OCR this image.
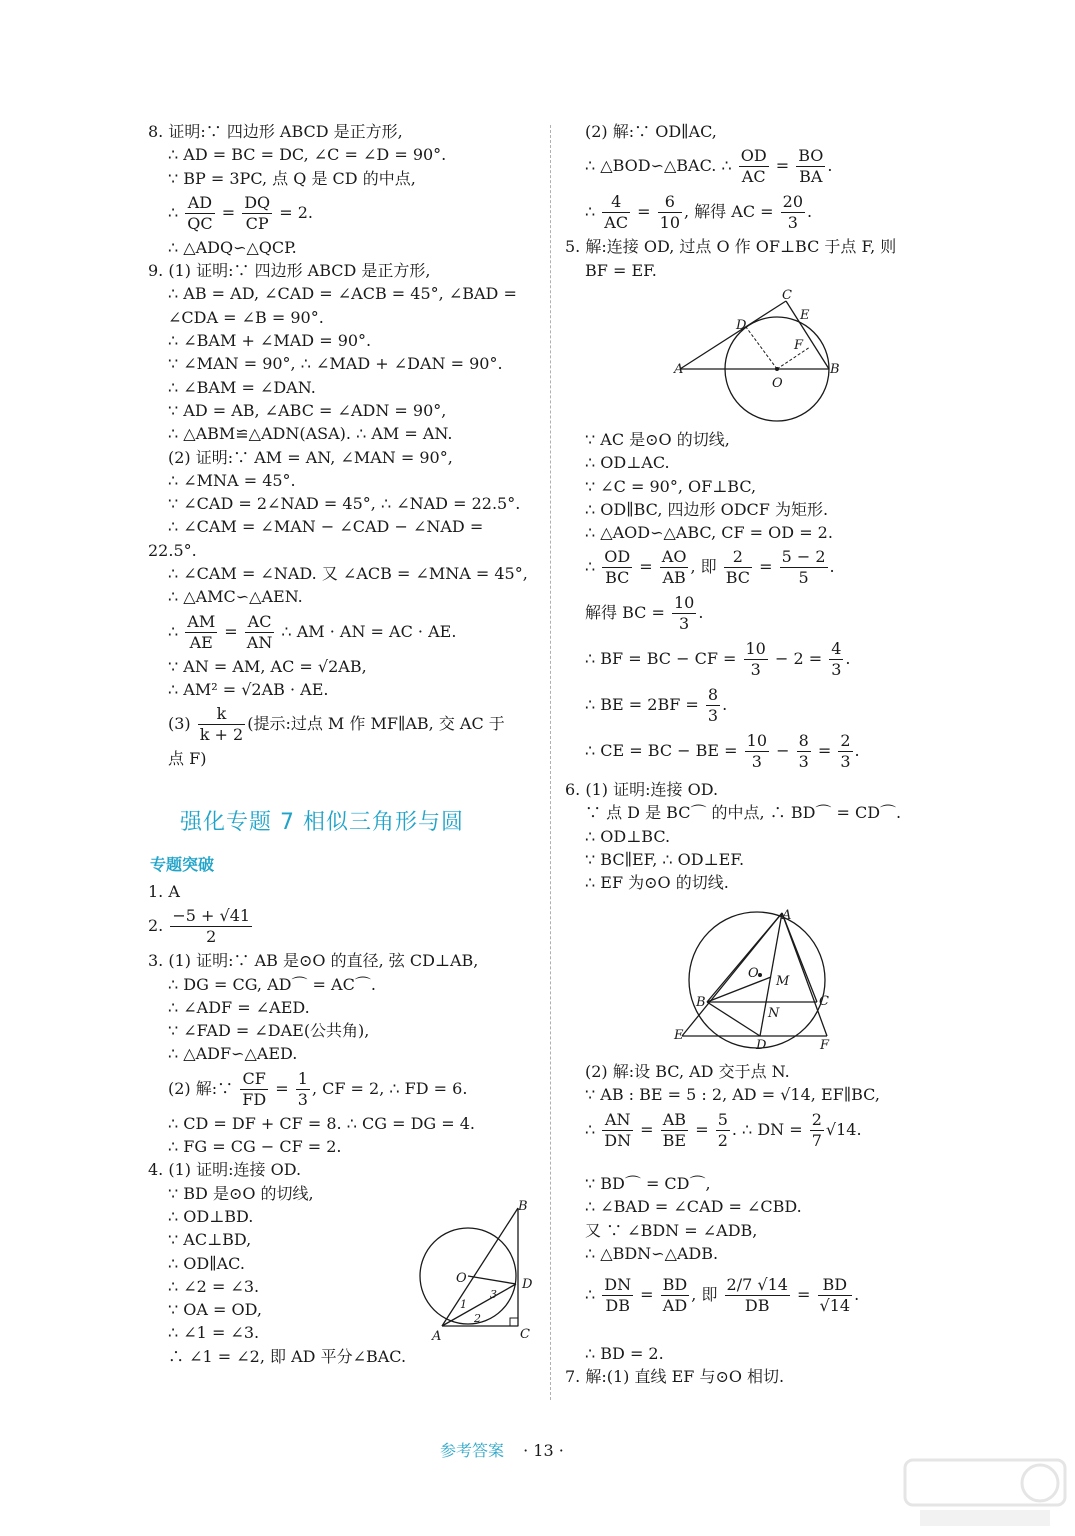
8. 证明:∵ 四边形 ABCD 是正方形,
∴ AD = BC = DC, ∠C = ∠D = 90°.
∵ BP = 3PC, 点 Q 是 CD 的中点,
∴ $\frac{AD}{QC} = \frac{DQ}{CP} = 2$.
∴ △ADQ∽△QCP.
9. (1) 证明:∵ 四边形 ABCD 是正方形,
∴ AB = AD, ∠CAD = ∠ACB = 45°, ∠BAD =
∠CDA = ∠B = 90°.
∴ ∠BAM + ∠MAD = 90°.
∵ ∠MAN = 90°, ∴ ∠MAD + ∠DAN = 90°.
∴ ∠BAM = ∠DAN.
∵ AD = AB, ∠ABC = ∠ADN = 90°,
∴ △ABM≌△ADN(ASA). ∴ AM = AN.
(2) 证明:∵ AM = AN, ∠MAN = 90°,
∴ ∠MNA = 45°.
∵ ∠CAD = 2∠NAD = 45°, ∴ ∠NAD = 22.5°.
∴ ∠CAM = ∠MAN − ∠CAD − ∠NAD =
22.5°.
∴ ∠CAM = ∠NAD. 又 ∠ACB = ∠MNA = 45°,
∴ △AMC∽△AEN.
∴ $\frac{AM}{AE} = \frac{AC}{AN}$ ∴ AM · AN = AC · AE.
∵ AN = AM, AC = √2AB,
∴ AM² = √2AB · AE.
$(3) \frac{k}{k + 2}$ (提示:过点 M 作 MF∥AB, 交 AC 于
点 F)
强化专题 7 相似三角形与圆
专题突破
1. A
2. $\frac{-5 + √41}{2}$
3. (1) 证明:∵ AB 是⊙O 的直径, 弦 CD⊥AB,
∴ DG = CG, AD⌒ = AC⌒.
∴ ∠ADF = ∠AED.
∵ ∠FAD = ∠DAE(公共角),
∴ △ADF∽△AED.
(2) 解:∵ $\frac{CF}{FD} = \frac{1}{3}$ , CF = 2, ∴ FD = 6.
∴ CD = DF + CF = 8. ∴ CG = DG = 4.
∴ FG = CG − CF = 2.
4. (1) 证明:连接 OD.
∵ BD 是⊙O 的切线,
∴ OD⊥BD.
∵ AC⊥BD,
∴ OD∥AC.
∴ ∠2 = ∠3.
∵ OA = OD,
∴ ∠1 = ∠3.
∴ ∠1 = ∠2, 即 AD 平分∠BAC.
(2) 解:∵ OD∥AC,
∴ △BOD∽△BAC. ∴ $\frac{OD}{AC} = \frac{BO}{BA}$ .
∴ $\frac{4}{AC} = \frac{6}{10}$ , 解得 AC = $\frac{20}{3}$ .
5. 解:连接 OD, 过点 O 作 OF⊥BC 于点 F, 则
BF = EF.
∵ AC 是⊙O 的切线,
∴ OD⊥AC.
∵ ∠C = 90°, OF⊥BC,
∴ OD∥BC, 四边形 ODCF 为矩形.
∴ △AOD∽△ABC, CF = OD = 2.
∴ $\frac{OD}{BC} = \frac{AO}{AB}$ , 即 $\frac{2}{BC} = \frac{5 - 2}{5}$ .
解得 BC = $\frac{10}{3}$ .
∴ BF = BC − CF = $\frac{10}{3} - 2 = \frac{4}{3}$ .
∴ BE = $2BF = \frac{8}{3}$ .
∴ CE = BC − BE = $\frac{10}{3} - \frac{8}{3} = \frac{2}{3}$ .
6. (1) 证明:连接 OD.
∵ 点 D 是 BC⌒ 的中点, ∴ BD⌒ = CD⌒.
∴ OD⊥BC.
∵ BC∥EF, ∴ OD⊥EF.
∴ EF 为⊙O 的切线.
(2) 解:设 BC, AD 交于点 N.
∵ AB : BE = 5 : 2, AD = √14, EF∥BC,
∴ $\frac{AN}{DN} = \frac{AB}{BE} = \frac{5}{2}$ . ∴ DN = $\frac{2}{7} √14$.
∵ BD⌒ = CD⌒,
∴ ∠BAD = ∠CAD = ∠CBD.
又 ∵ ∠BDN = ∠ADB,
∴ △BDN∽△ADB.
∴ $\frac{DN}{DB} = \frac{BD}{AD}$ , 即 $\frac{2/7 √14}{DB} = \frac{BD}{√14}$ .
∴ BD = 2.
7. 解:(1) 直线 EF 与⊙O 相切.
C
E
D
F
A
O
B
A
O
M
B	C
N
E
D	F
B
O	D
3
1
2
A	C
参考答案 · 13 ·
